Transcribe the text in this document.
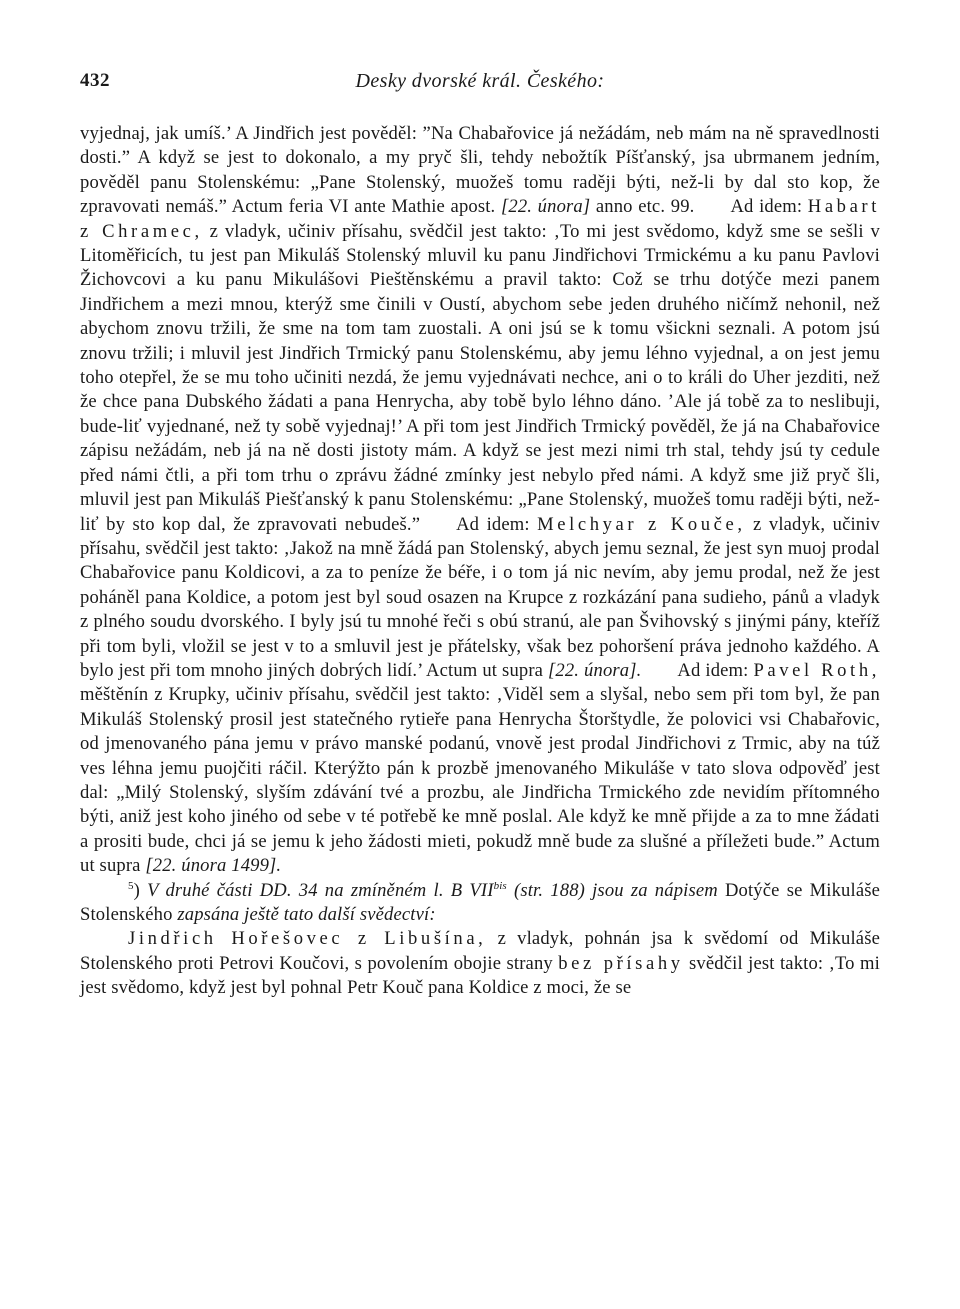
432	Desky dvorské král. Českého:

vyjednaj, jak umíš.’ A Jindřich jest pověděl: ”Na Chabařovice já nežádám, neb mám na ně spravedlnosti dosti.” A když se jest to dokonalo, a my pryč šli, tehdy nebožtík Píšťanský, jsa ubrmanem jedním, pověděl panu Stolenskému: „Pane Stolenský, muožeš tomu raději býti, než-li by dal sto kop, že zpravovati nemáš.” Actum feria VI ante Mathie apost. [22. února] anno etc. 99. Ad idem: Habart z Chramec, z vladyk, učiniv přísahu, svědčil jest takto: ‚To mi jest svědomo, když sme se sešli v Litoměřicích, tu jest pan Mikuláš Stolenský mluvil ku panu Jindřichovi Trmickému a ku panu Pavlovi Žichovcovi a ku panu Mikulášovi Pieštěnskému a pravil takto: Což se trhu dotýče mezi panem Jindřichem a mezi mnou, kterýž sme činili v Oustí, abychom sebe jeden druhého ničímž nehonil, než abychom znovu tržili, že sme na tom tam zuostali. A oni jsú se k tomu všickni seznali. A potom jsú znovu tržili; i mluvil jest Jindřich Trmický panu Stolenskému, aby jemu léhno vyjednal, a on jest jemu toho otepřel, že se mu toho učiniti nezdá, že jemu vyjednávati nechce, ani o to králi do Uher jezditi, než že chce pana Dubského žádati a pana Henrycha, aby tobě bylo léhno dáno. ’Ale já tobě za to neslibuji, bude-liť vyjednané, než ty sobě vyjednaj!’ A při tom jest Jindřich Trmický pověděl, že já na Chabařovice zápisu nežádám, neb já na ně dosti jistoty mám. A když se jest mezi nimi trh stal, tehdy jsú ty cedule před námi čtli, a při tom trhu o zprávu žádné zmínky jest nebylo před námi. A když sme již pryč šli, mluvil jest pan Mikuláš Piešťanský k panu Stolenskému: „Pane Stolenský, muožeš tomu raději býti, než-liť by sto kop dal, že zpravovati nebudeš.” Ad idem: Melchyar z Kouče, z vladyk, učiniv přísahu, svědčil jest takto: ‚Jakož na mně žádá pan Stolenský, abych jemu seznal, že jest syn muoj prodal Chabařovice panu Koldicovi, a za to peníze že béře, i o tom já nic nevím, aby jemu prodal, než že jest poháněl pana Koldice, a potom jest byl soud osazen na Krupce z rozkázání pana sudieho, pánů a vladyk z plného soudu dvorského. I byly jsú tu mnohé řeči s obú stranú, ale pan Švihovský s jinými pány, kteříž při tom byli, vložil se jest v to a smluvil jest je přátelsky, však bez pohoršení práva jednoho každého. A bylo jest při tom mnoho jiných dobrých lidí.’ Actum ut supra [22. února]. Ad idem: Pavel Roth, měštěnín z Krupky, učiniv přísahu, svědčil jest takto: ‚Viděl sem a slyšal, nebo sem při tom byl, že pan Mikuláš Stolenský prosil jest statečného rytieře pana Henrycha Štorštydle, že polovici vsi Chabařovic, od jmenovaného pána jemu v právo manské podanú, vnově jest prodal Jindřichovi z Trmic, aby na túž ves léhna jemu puojčiti ráčil. Kterýžto pán k prozbě jmenovaného Mikuláše v tato slova odpověď jest dal: „Milý Stolenský, slyším zdávání tvé a prozbu, ale Jindřicha Trmického zde nevidím přítomného býti, aniž jest koho jiného od sebe v té potřebě ke mně poslal. Ale když ke mně přijde a za to mne žádati a prositi bude, chci já se jemu k jeho žádosti mieti, pokudž mně bude za slušné a příležeti bude.” Actum ut supra [22. února 1499].

$^5$) V druhé části DD. 34 na zmíněném l. B $VII^{bis}$ (str. 188) jsou za nápisem Dotýče se Mikuláše Stolenského zapsána ještě tato další svědectví:

Jindřich Hořešovec z Libušína, z vladyk, pohnán jsa k svědomí od Mikuláše Stolenského proti Petrovi Koučovi, s povolením obojie strany bez přísahy svědčil jest takto: ‚To mi jest svědomo, když jest byl pohnal Petr Kouč pana Koldice z moci, že se
